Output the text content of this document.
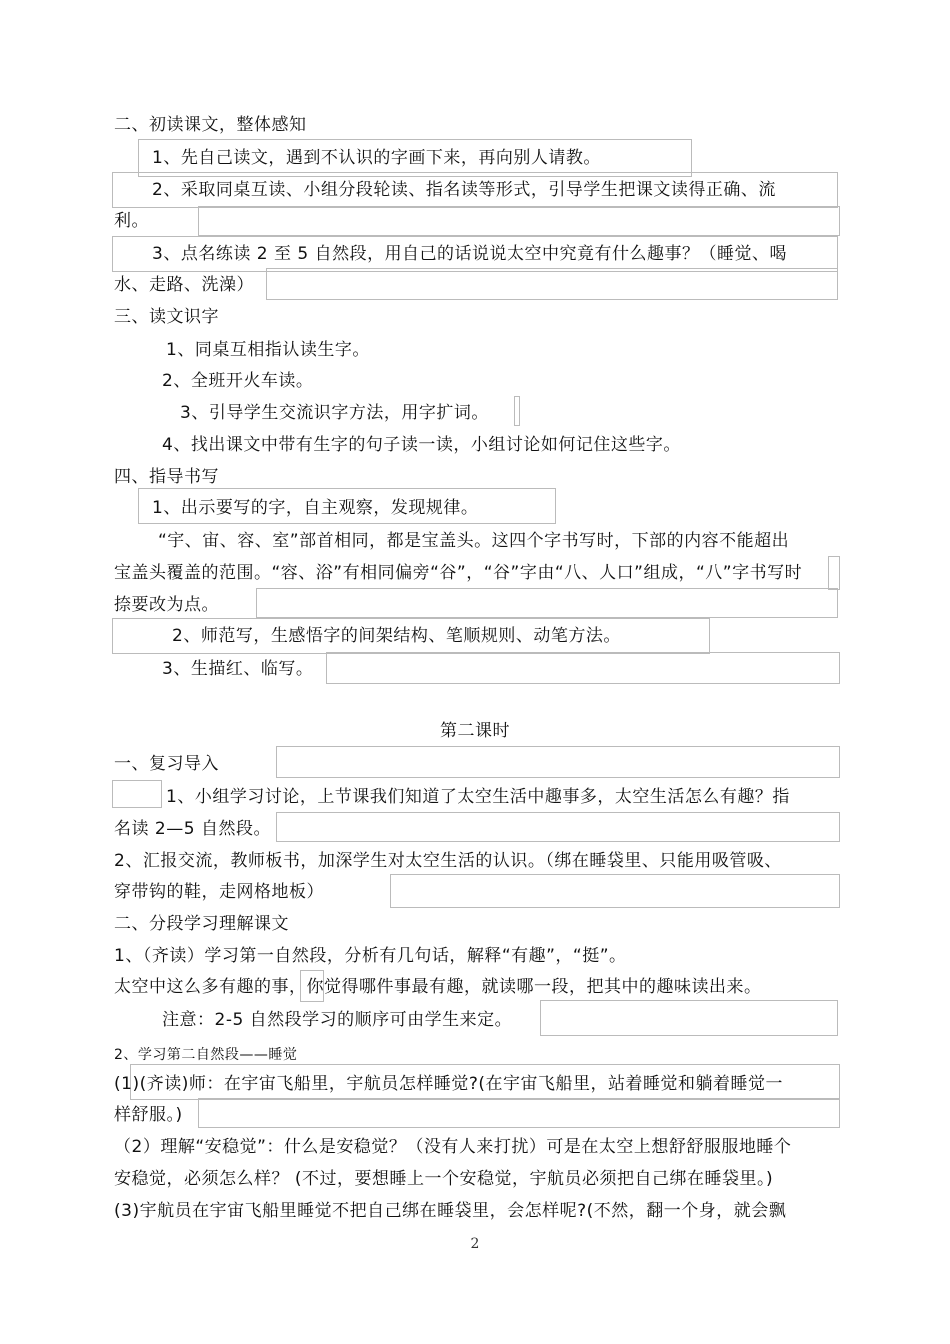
二、初读课文，整体感知
1、先自己读文，遇到不认识的字画下来，再向别人请教。
2、采取同桌互读、小组分段轮读、指名读等形式，引导学生把课文读得正确、流
利。
3、点名练读 2 至 5 自然段，用自己的话说说太空中究竟有什么趣事？（睡觉、喝
水、走路、洗澡）
三、读文识字
1、同桌互相指认读生字。
2、全班开火车读。
3、引导学生交流识字方法，用字扩词。
4、找出课文中带有生字的句子读一读，小组讨论如何记住这些字。
四、指导书写
1、出示要写的字，自主观察，发现规律。
“宇、宙、容、室”部首相同，都是宝盖头。这四个字书写时，下部的内容不能超出
宝盖头覆盖的范围。“容、浴”有相同偏旁“谷”，“谷”字由“八、人口”组成，“八”字书写时
捺要改为点。
2、师范写，生感悟字的间架结构、笔顺规则、动笔方法。
3、生描红、临写。
第二课时
一、复习导入
1、小组学习讨论，上节课我们知道了太空生活中趣事多，太空生活怎么有趣？指
名读 2—5 自然段。
2、汇报交流，教师板书，加深学生对太空生活的认识。（绑在睡袋里、只能用吸管吸、
穿带钩的鞋，走网格地板）
二、分段学习理解课文
1、（齐读）学习第一自然段，分析有几句话，解释“有趣”，“挺”。
太空中这么多有趣的事，你觉得哪件事最有趣，就读哪一段，把其中的趣味读出来。
注意：2-5 自然段学习的顺序可由学生来定。
2、学习第二自然段——睡觉
(1)(齐读)师：在宇宙飞船里，宇航员怎样睡觉?(在宇宙飞船里，站着睡觉和躺着睡觉一
样舒服。)
（2）理解“安稳觉”：什么是安稳觉？（没有人来打扰）可是在太空上想舒舒服服地睡个
安稳觉，必须怎么样？ (不过，要想睡上一个安稳觉，宇航员必须把自己绑在睡袋里。)
(3)宇航员在宇宙飞船里睡觉不把自己绑在睡袋里，会怎样呢?(不然，翻一个身，就会飘
2
